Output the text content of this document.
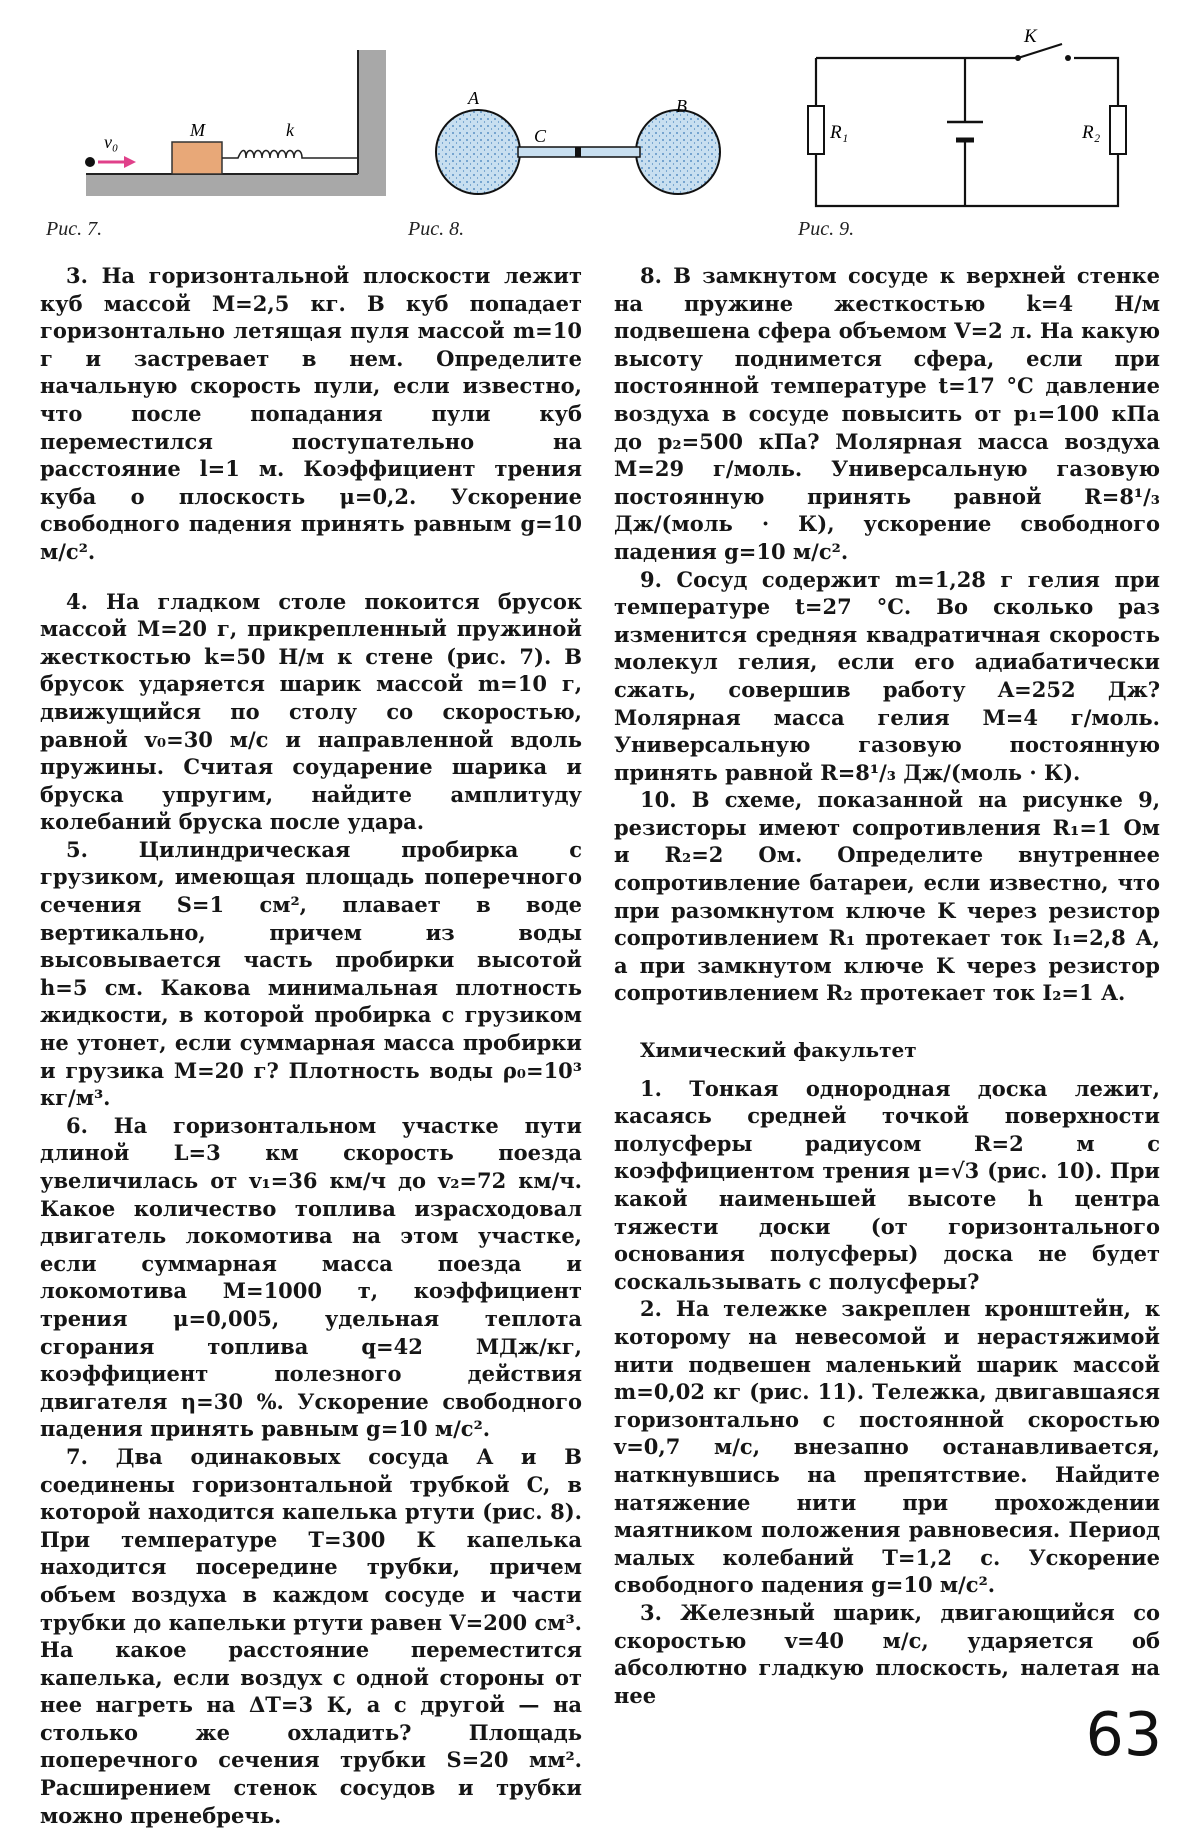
v₀
M	k
Рис. 7.
A	B
C
Рис. 8.
R₁	R₂
K
Рис. 9.

3. На горизонтальной плоскости лежит куб массой M=2,5 кг. В куб попадает горизонтально летящая пуля массой m=10 г и застревает в нем. Определите начальную скорость пули, если известно, что после попадания пули куб переместился поступательно на расстояние l=1 м. Коэффициент трения куба о плоскость μ=0,2. Ускорение свободного падения принять равным g=10 м/с².

4. На гладком столе покоится брусок массой M=20 г, прикрепленный пружиной жесткостью k=50 Н/м к стене (рис. 7). В брусок ударяется шарик массой m=10 г, движущийся по столу со скоростью, равной v₀=30 м/с и направленной вдоль пружины. Считая соударение шарика и бруска упругим, найдите амплитуду колебаний бруска после удара.

5. Цилиндрическая пробирка с грузиком, имеющая площадь поперечного сечения S=1 см², плавает в воде вертикально, причем из воды высовывается часть пробирки высотой h=5 см. Какова минимальная плотность жидкости, в которой пробирка с грузиком не утонет, если суммарная масса пробирки и грузика M=20 г? Плотность воды ρ₀=10³ кг/м³.

6. На горизонтальном участке пути длиной L=3 км скорость поезда увеличилась от v₁=36 км/ч до v₂=72 км/ч. Какое количество топлива израсходовал двигатель локомотива на этом участке, если суммарная масса поезда и локомотива M=1000 т, коэффициент трения μ=0,005, удельная теплота сгорания топлива q=42 МДж/кг, коэффициент полезного действия двигателя η=30 %. Ускорение свободного падения принять равным g=10 м/с².

7. Два одинаковых сосуда A и B соединены горизонтальной трубкой C, в которой находится капелька ртути (рис. 8). При температуре T=300 К капелька находится посередине трубки, причем объем воздуха в каждом сосуде и части трубки до капельки ртути равен V=200 см³. На какое расстояние переместится капелька, если воздух с одной стороны от нее нагреть на ΔT=3 К, а с другой — на столько же охладить? Площадь поперечного сечения трубки S=20 мм². Расширением стенок сосудов и трубки можно пренебречь.

8. В замкнутом сосуде к верхней стенке на пружине жесткостью k=4 Н/м подвешена сфера объемом V=2 л. На какую высоту поднимется сфера, если при постоянной температуре t=17 °С давление воздуха в сосуде повысить от p₁=100 кПа до p₂=500 кПа? Молярная масса воздуха M=29 г/моль. Универсальную газовую постоянную принять равной R=8¹/₃ Дж/(моль · К), ускорение свободного падения g=10 м/с².

9. Сосуд содержит m=1,28 г гелия при температуре t=27 °С. Во сколько раз изменится средняя квадратичная скорость молекул гелия, если его адиабатически сжать, совершив работу A=252 Дж? Молярная масса гелия M=4 г/моль. Универсальную газовую постоянную принять равной R=8¹/₃ Дж/(моль · К).

10. В схеме, показанной на рисунке 9, резисторы имеют сопротивления R₁=1 Ом и R₂=2 Ом. Определите внутреннее сопротивление батареи, если известно, что при разомкнутом ключе K через резистор сопротивлением R₁ протекает ток I₁=2,8 А, а при замкнутом ключе K через резистор сопротивлением R₂ протекает ток I₂=1 А.

Химический факультет

1. Тонкая однородная доска лежит, касаясь средней точкой поверхности полусферы радиусом R=2 м с коэффициентом трения μ=√3 (рис. 10). При какой наименьшей высоте h центра тяжести доски (от горизонтального основания полусферы) доска не будет соскальзывать с полусферы?

2. На тележке закреплен кронштейн, к которому на невесомой и нерастяжимой нити подвешен маленький шарик массой m=0,02 кг (рис. 11). Тележка, двигавшаяся горизонтально с постоянной скоростью v=0,7 м/с, внезапно останавливается, наткнувшись на препятствие. Найдите натяжение нити при прохождении маятником положения равновесия. Период малых колебаний T=1,2 с. Ускорение свободного падения g=10 м/с².

3. Железный шарик, двигающийся со скоростью v=40 м/с, ударяется об абсолютно гладкую плоскость, налетая на нее

63
